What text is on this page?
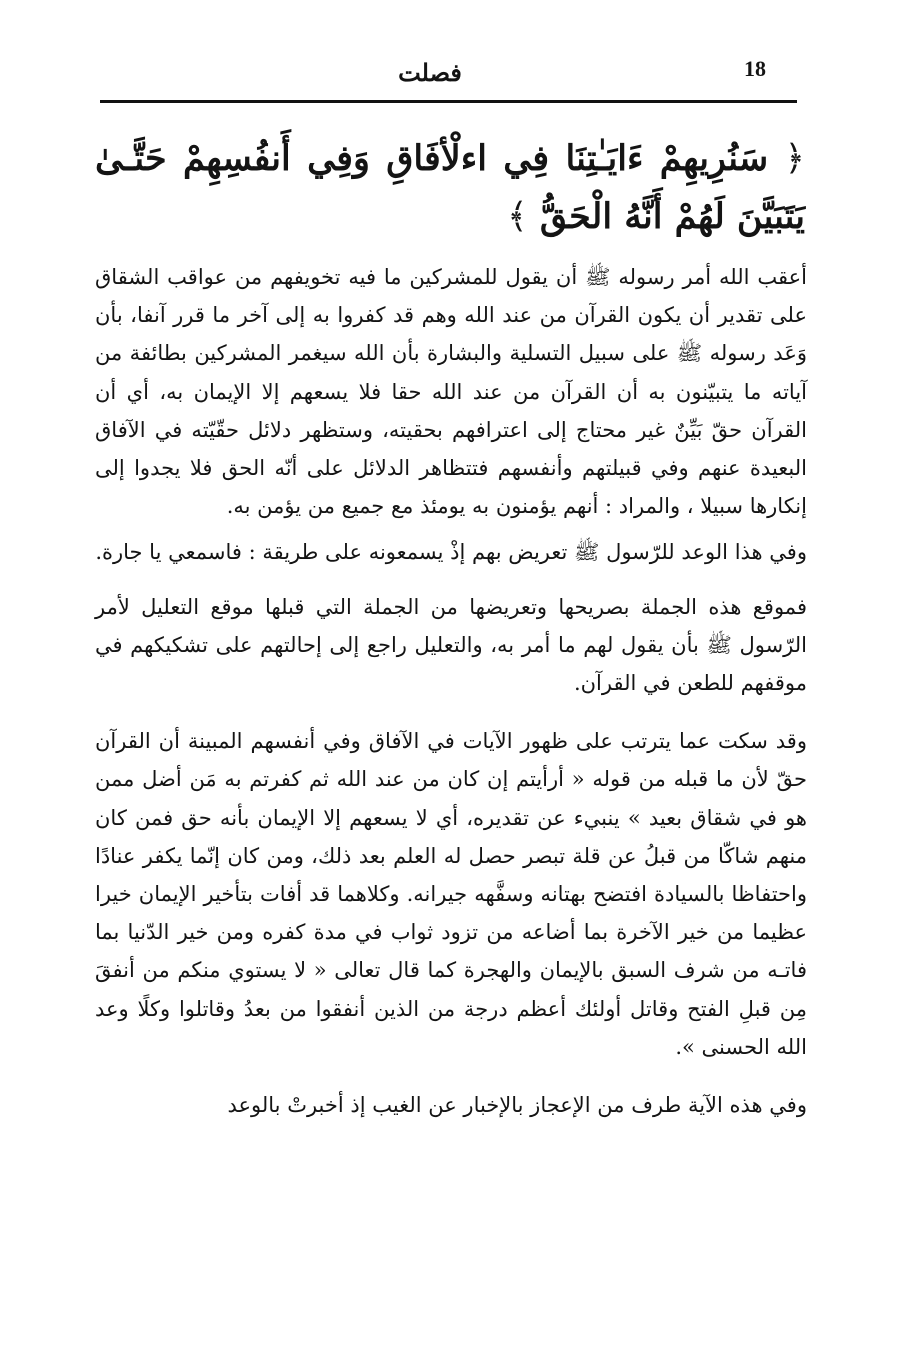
18
فصلت
﴿ سَنُرِيهِمْ ءَايَـٰتِنَا فِي اءلْأفَاقِ وَفِي أَنفُسِهِمْ حَتَّـىٰ يَتَبَيَّنَ لَهُمْ أَنَّهُ الْحَقُّ ﴾

أعقب الله أمر رسوله ﷺ أن يقول للمشركين ما فيه تخويفهم من عواقب الشقاق على تقدير أن يكون القرآن من عند الله وهم قد كفروا به إلى آخر ما قرر آنفا، بأن وَعَد رسوله ﷺ على سبيل التسلية والبشارة بأن الله سيغمر المشركين بطائفة من آياته ما يتبيّنون به أن القرآن من عند الله حقا فلا يسعهم إلا الإيمان به، أي أن القرآن حقّ بَيِّنٌ غير محتاج إلى اعترافهم بحقيته، وستظهر دلائل حقّيّته في الآفاق البعيدة عنهم وفي قبيلتهم وأنفسهم فتتظاهر الدلائل على أنّه الحق فلا يجدوا إلى إنكارها سبيلا ، والمراد : أنهم يؤمنون به يومئذ مع جميع من يؤمن به.

وفي هذا الوعد للرّسول ﷺ تعريض بهم إذْ يسمعونه على طريقة : فاسمعي يا جارة.

فموقع هذه الجملة بصريحها وتعريضها من الجملة التي قبلها موقع التعليل لأمر الرّسول ﷺ بأن يقول لهم ما أمر به، والتعليل راجع إلى إحالتهم على تشكيكهم في موقفهم للطعن في القرآن.

وقد سكت عما يترتب على ظهور الآيات في الآفاق وفي أنفسهم المبينة أن القرآن حقّ لأن ما قبله من قوله « أرأيتم إن كان من عند الله ثم كفرتم به مَن أضل ممن هو في شقاق بعيد » ينبيء عن تقديره، أي لا يسعهم إلا الإيمان بأنه حق فمن كان منهم شاكّا من قبلُ عن قلة تبصر حصل له العلم بعد ذلك، ومن كان إنّما يكفر عنادًا واحتفاظا بالسيادة افتضح بهتانه وسفَّهه جيرانه. وكلاهما قد أفات بتأخير الإيمان خيرا عظيما من خير الآخرة بما أضاعه من تزود ثواب في مدة كفره ومن خير الدّنيا بما فاتـه من شرف السبق بالإيمان والهجرة كما قال تعالى « لا يستوي منكم من أنفقَ مِن قبلِ الفتح وقاتل أولئك أعظم درجة من الذين أنفقوا من بعدُ وقاتلوا وكلًا وعد الله الحسنى ».

وفي هذه الآية طرف من الإعجاز بالإخبار عن الغيب إذ أخبرتْ بالوعد
